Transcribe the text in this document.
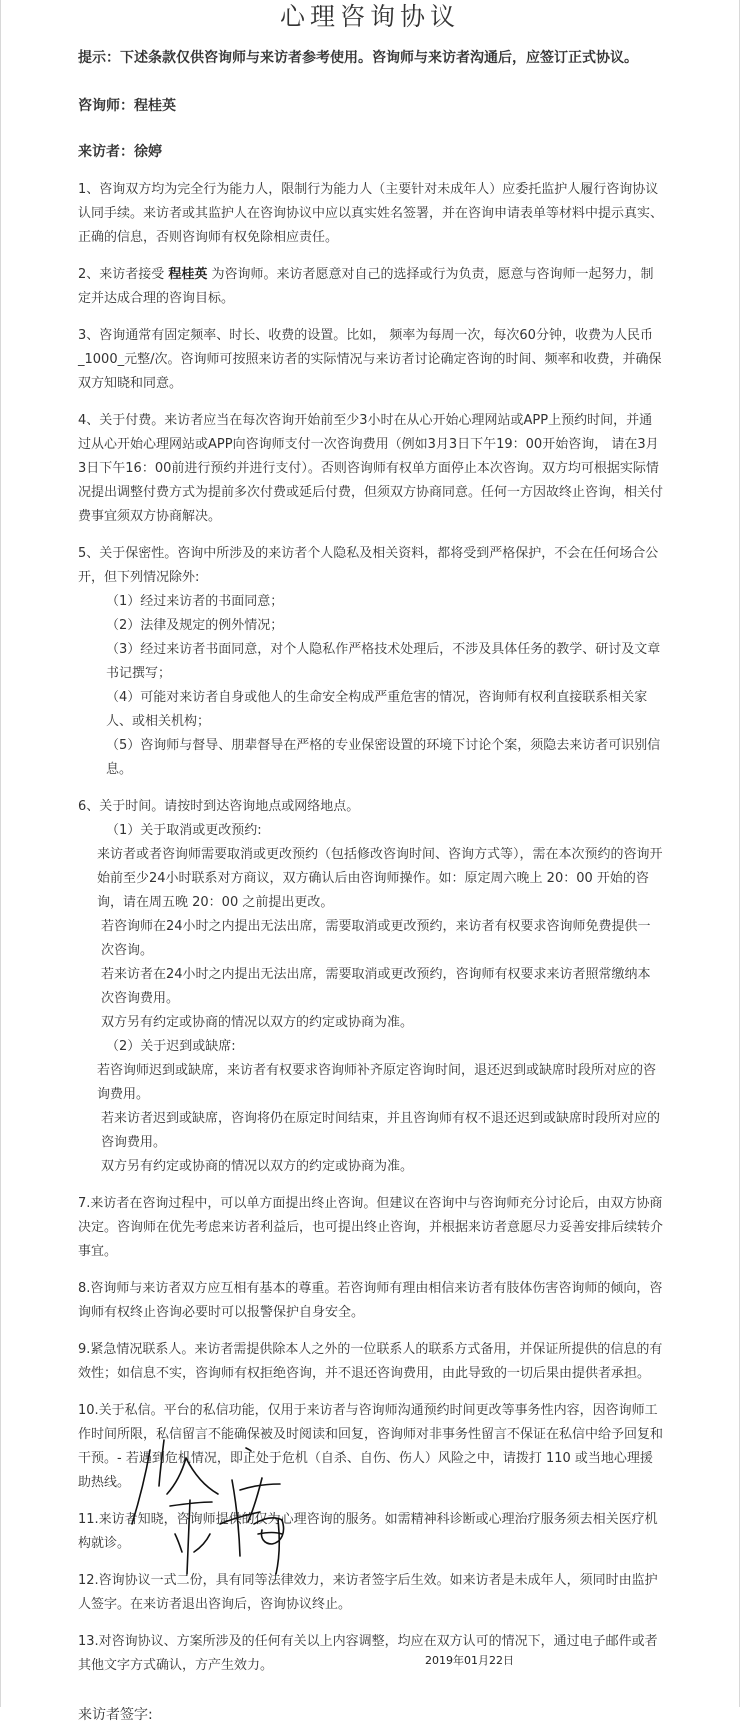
心理咨询协议

提示：下述条款仅供咨询师与来访者参考使用。咨询师与来访者沟通后，应签订正式协议。

咨询师：程桂英

来访者：徐婷

1、咨询双方均为完全行为能力人，限制行为能力人（主要针对未成年人）应委托监护人履行咨询协议认同手续。来访者或其监护人在咨询协议中应以真实姓名签署，并在咨询申请表单等材料中提示真实、正确的信息，否则咨询师有权免除相应责任。

2、来访者接受 程桂英 为咨询师。来访者愿意对自己的选择或行为负责，愿意与咨询师一起努力，制定并达成合理的咨询目标。

3、咨询通常有固定频率、时长、收费的设置。比如， 频率为每周一次，每次60分钟，收费为人民币_1000_元整/次。咨询师可按照来访者的实际情况与来访者讨论确定咨询的时间、频率和收费，并确保双方知晓和同意。

4、关于付费。来访者应当在每次咨询开始前至少3小时在从心开始心理网站或APP上预约时间，并通过从心开始心理网站或APP向咨询师支付一次咨询费用（例如3月3日下午19：00开始咨询， 请在3月3日下午16：00前进行预约并进行支付）。否则咨询师有权单方面停止本次咨询。双方均可根据实际情况提出调整付费方式为提前多次付费或延后付费，但须双方协商同意。任何一方因故终止咨询，相关付费事宜须双方协商解决。

5、关于保密性。咨询中所涉及的来访者个人隐私及相关资料，都将受到严格保护，不会在任何场合公开，但下列情况除外:

（1）经过来访者的书面同意；

（2）法律及规定的例外情况；

（3）经过来访者书面同意，对个人隐私作严格技术处理后，不涉及具体任务的教学、研讨及文章书记撰写；

（4）可能对来访者自身或他人的生命安全构成严重危害的情况，咨询师有权利直接联系相关家人、或相关机构；

（5）咨询师与督导、朋辈督导在严格的专业保密设置的环境下讨论个案，须隐去来访者可识别信息。

6、关于时间。请按时到达咨询地点或网络地点。

（1）关于取消或更改预约:

来访者或者咨询师需要取消或更改预约（包括修改咨询时间、咨询方式等），需在本次预约的咨询开始前至少24小时联系对方商议，双方确认后由咨询师操作。如：原定周六晚上 20：00 开始的咨询，请在周五晚 20：00 之前提出更改。

若咨询师在24小时之内提出无法出席，需要取消或更改预约，来访者有权要求咨询师免费提供一次咨询。

若来访者在24小时之内提出无法出席，需要取消或更改预约，咨询师有权要求来访者照常缴纳本次咨询费用。

双方另有约定或协商的情况以双方的约定或协商为准。

（2）关于迟到或缺席:

若咨询师迟到或缺席，来访者有权要求咨询师补齐原定咨询时间，退还迟到或缺席时段所对应的咨询费用。

若来访者迟到或缺席，咨询将仍在原定时间结束，并且咨询师有权不退还迟到或缺席时段所对应的咨询费用。

双方另有约定或协商的情况以双方的约定或协商为准。

7.来访者在咨询过程中，可以单方面提出终止咨询。但建议在咨询中与咨询师充分讨论后，由双方协商决定。咨询师在优先考虑来访者利益后，也可提出终止咨询，并根据来访者意愿尽力妥善安排后续转介事宜。

8.咨询师与来访者双方应互相有基本的尊重。若咨询师有理由相信来访者有肢体伤害咨询师的倾向，咨询师有权终止咨询必要时可以报警保护自身安全。

9.紧急情况联系人。来访者需提供除本人之外的一位联系人的联系方式备用，并保证所提供的信息的有效性；如信息不实，咨询师有权拒绝咨询，并不退还咨询费用，由此导致的一切后果由提供者承担。

10.关于私信。平台的私信功能，仅用于来访者与咨询师沟通预约时间更改等事务性内容，因咨询师工作时间所限，私信留言不能确保被及时阅读和回复，咨询师对非事务性留言不保证在私信中给予回复和干预。- 若遇到危机情况，即正处于危机（自杀、自伤、伤人）风险之中，请拨打 110 或当地心理援助热线。

11.来访者知晓，咨询师提供的仅为心理咨询的服务。如需精神科诊断或心理治疗服务须去相关医疗机构就诊。

12.咨询协议一式二份，具有同等法律效力，来访者签字后生效。如来访者是未成年人，须同时由监护人签字。在来访者退出咨询后，咨询协议终止。

13.对咨询协议、方案所涉及的任何有关以上内容调整，均应在双方认可的情况下，通过电子邮件或者其他文字方式确认，方产生效力。

来访者签字:

2019年01月22日
